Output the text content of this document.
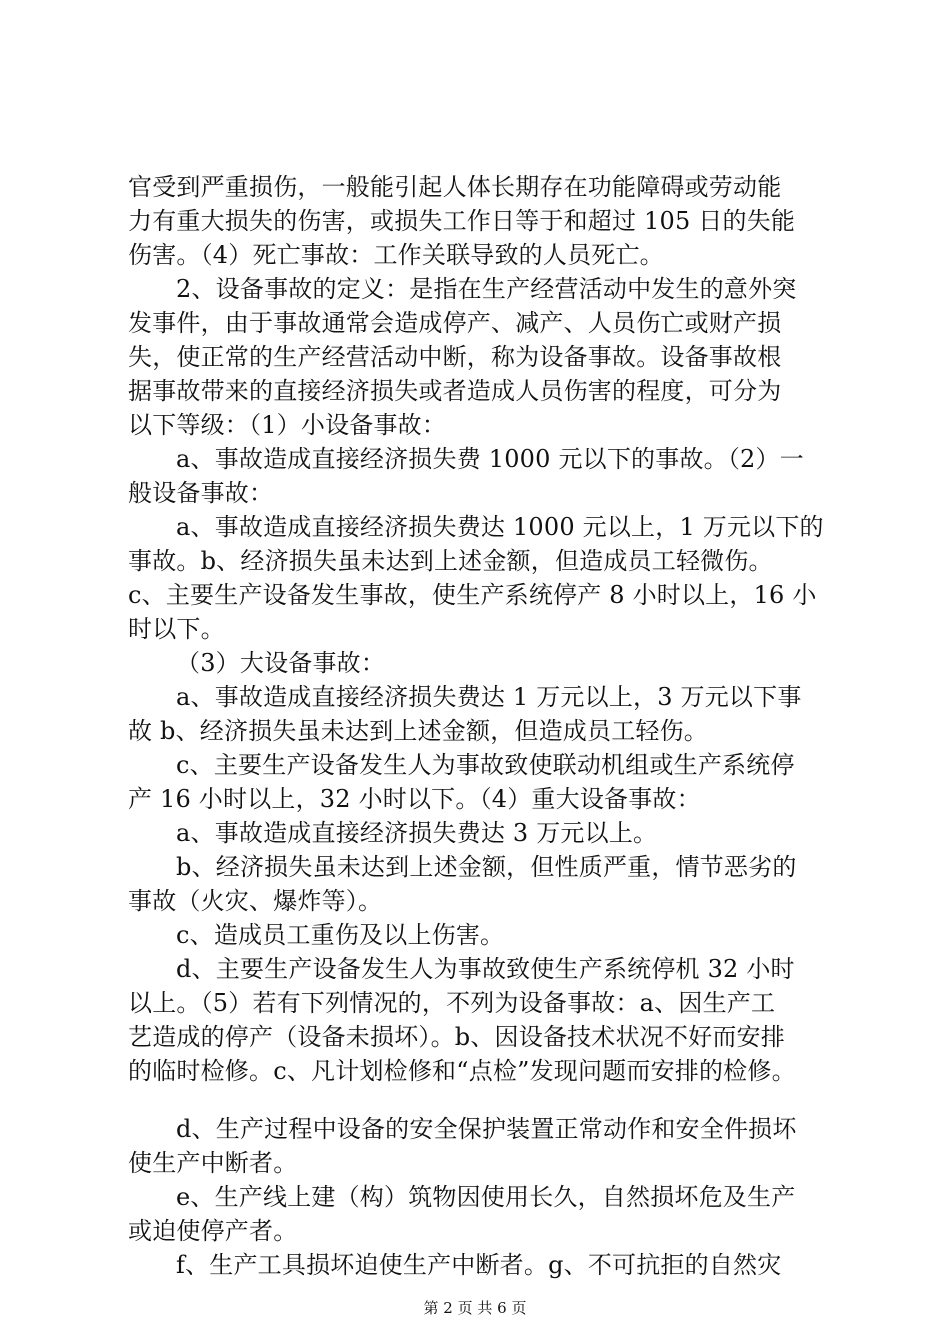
官受到严重损伤，一般能引起人体长期存在功能障碍或劳动能
力有重大损失的伤害，或损失工作日等于和超过 105 日的失能
伤害。（4）死亡事故：工作关联导致的人员死亡。
2、设备事故的定义：是指在生产经营活动中发生的意外突
发事件，由于事故通常会造成停产、减产、人员伤亡或财产损
失，使正常的生产经营活动中断，称为设备事故。设备事故根
据事故带来的直接经济损失或者造成人员伤害的程度，可分为
以下等级：（1）小设备事故：
a、事故造成直接经济损失费 1000 元以下的事故。（2）一
般设备事故：
a、事故造成直接经济损失费达 1000 元以上，1 万元以下的
事故。b、经济损失虽未达到上述金额，但造成员工轻微伤。
c、主要生产设备发生事故，使生产系统停产 8 小时以上，16 小
时以下。
（3）大设备事故：
a、事故造成直接经济损失费达 1 万元以上，3 万元以下事
故 b、经济损失虽未达到上述金额，但造成员工轻伤。
c、主要生产设备发生人为事故致使联动机组或生产系统停
产 16 小时以上，32 小时以下。（4）重大设备事故：
a、事故造成直接经济损失费达 3 万元以上。
b、经济损失虽未达到上述金额，但性质严重，情节恶劣的
事故（火灾、爆炸等）。
c、造成员工重伤及以上伤害。
d、主要生产设备发生人为事故致使生产系统停机 32 小时
以上。（5）若有下列情况的，不列为设备事故：a、因生产工
艺造成的停产（设备未损坏）。b、因设备技术状况不好而安排
的临时检修。c、凡计划检修和“点检”发现问题而安排的检修。
d、生产过程中设备的安全保护装置正常动作和安全件损坏
使生产中断者。
e、生产线上建（构）筑物因使用长久，自然损坏危及生产
或迫使停产者。
f、生产工具损坏迫使生产中断者。g、不可抗拒的自然灾
第 2 页 共 6 页
